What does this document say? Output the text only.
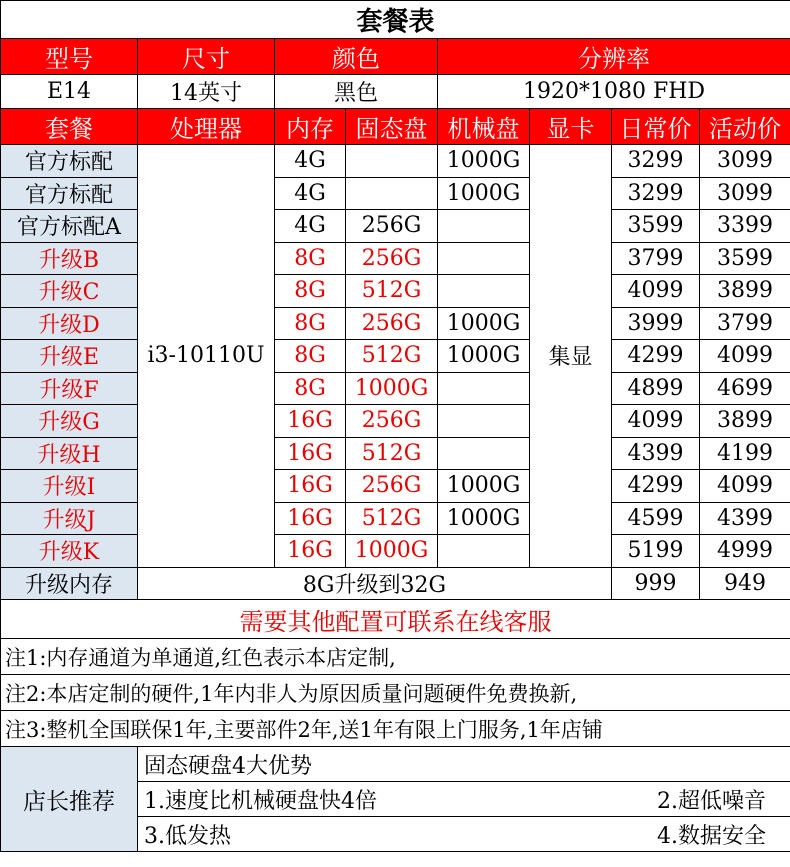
套餐表							
型号	尺寸	颜色		分辨率			
E14	14英寸	黑色		1920*1080 FHD			
套餐	处理器	内存	固态盘	机械盘	显卡	日常价	活动价
官方标配	i3-10110U	4G		1000G	集显	3299	3099
官方标配		4G		1000G		3299	3099
官方标配A		4G	256G			3599	3399
升级B		8G	256G			3799	3599
升级C		8G	512G			4099	3899
升级D		8G	256G	1000G		3999	3799
升级E		8G	512G	1000G		4299	4099
升级F		8G	1000G			4899	4699
升级G		16G	256G			4099	3899
升级H		16G	512G			4399	4199
升级I		16G	256G	1000G		4299	4099
升级J		16G	512G	1000G		4599	4399
升级K		16G	1000G			5199	4999
升级内存	8G升级到32G					999	949
需要其他配置可联系在线客服							
注1:内存通道为单通道,红色表示本店定制,							
注2:本店定制的硬件,1年内非人为原因质量问题硬件免费换新,							
注3:整机全国联保1年,主要部件2年,送1年有限上门服务,1年店铺							
店长推荐	固态硬盘4大优势						

	1.速度比机械硬盘快4倍 2.超低噪音						

	3.低发热 4.数据安全						
